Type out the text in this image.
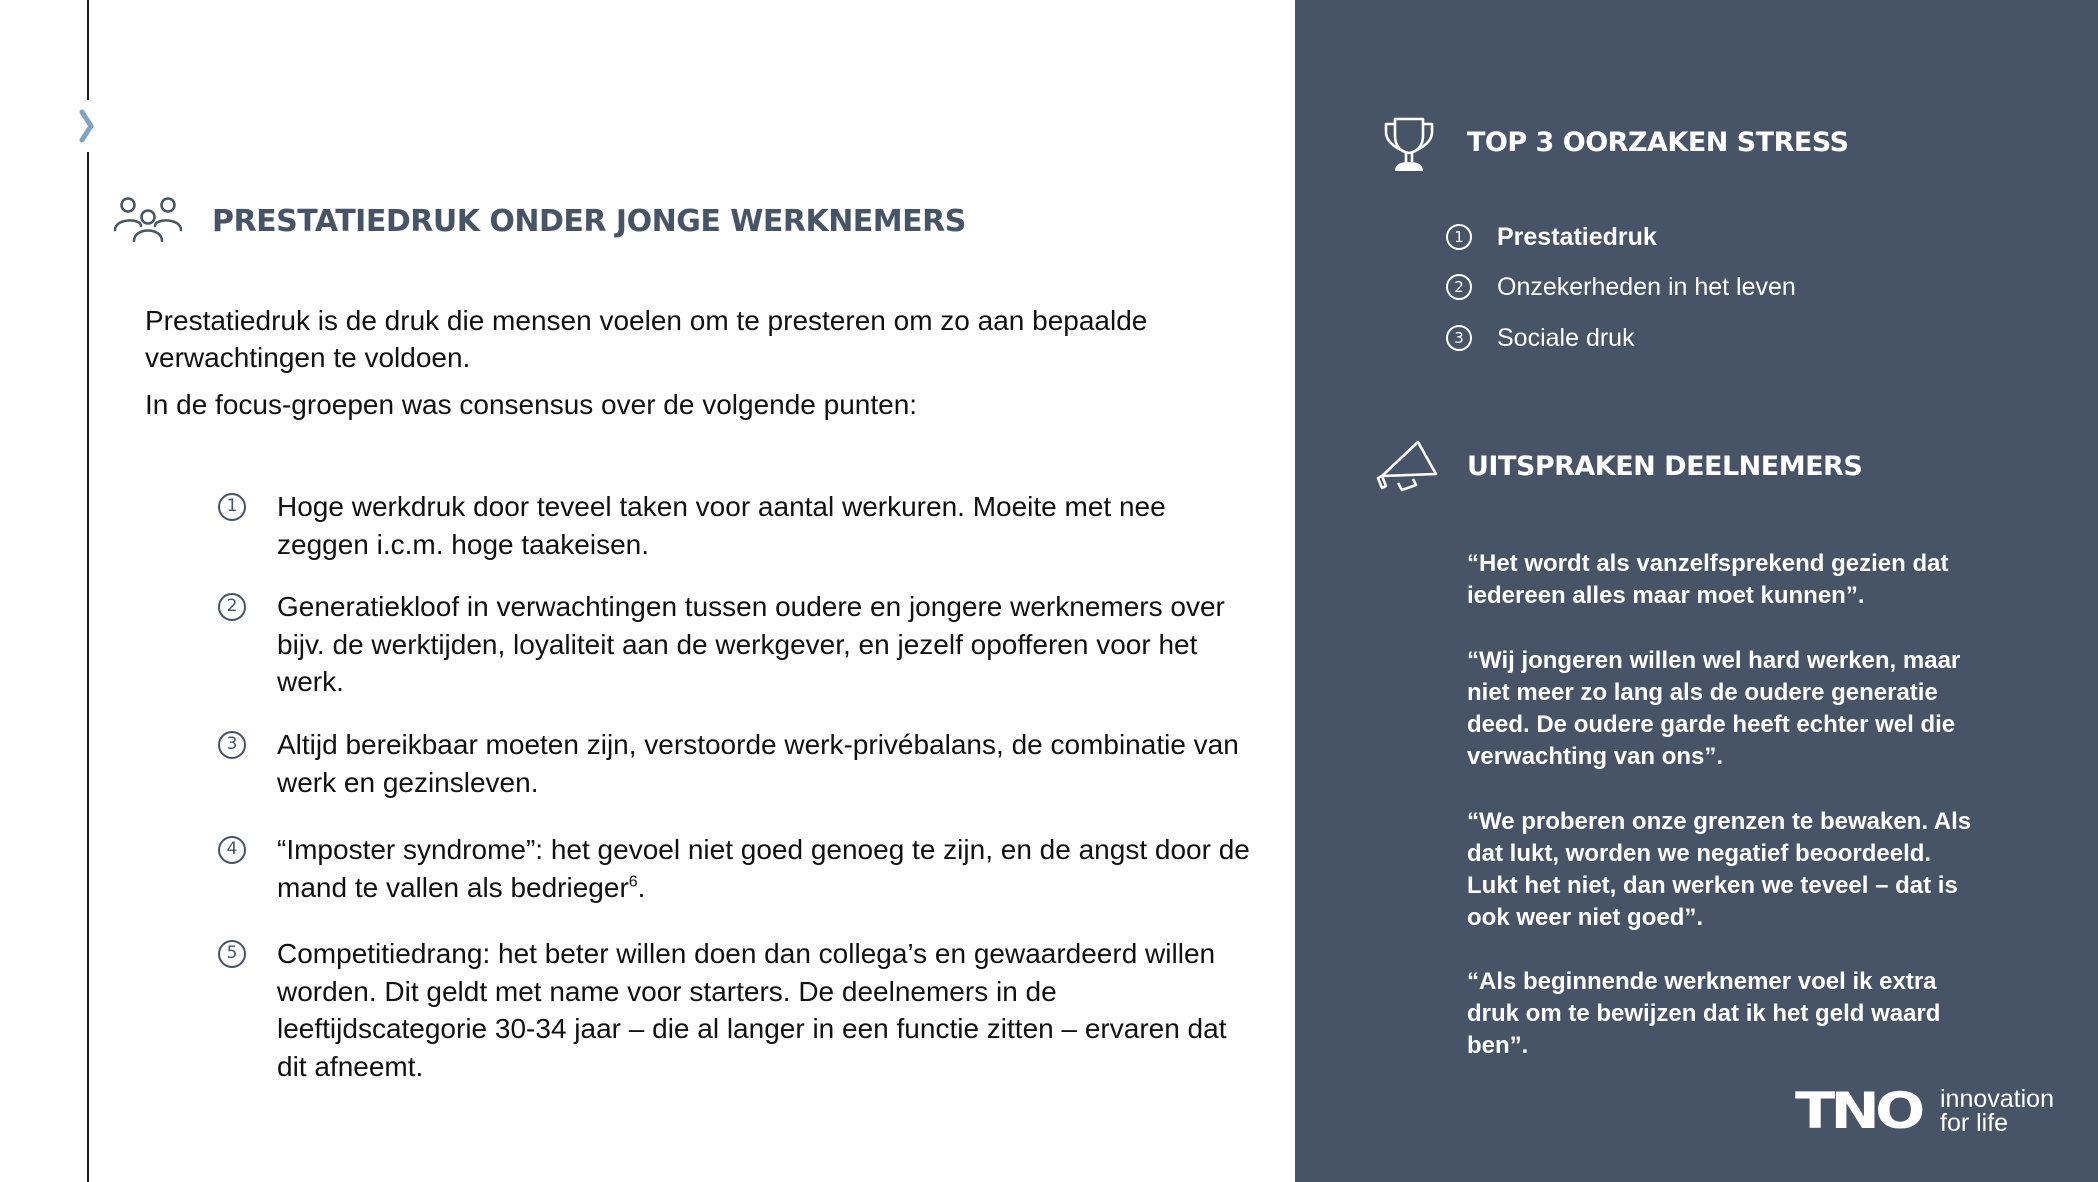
PRESTATIEDRUK ONDER JONGE WERKNEMERS
Prestatiedruk is de druk die mensen voelen om te presteren om zo aan bepaalde verwachtingen te voldoen.
In de focus-groepen was consensus over de volgende punten:
1	Hoge werkdruk door teveel taken voor aantal werkuren. Moeite met nee zeggen i.c.m. hoge taakeisen.
2	Generatiekloof in verwachtingen tussen oudere en jongere werknemers over bijv. de werktijden, loyaliteit aan de werkgever, en jezelf opofferen voor het werk.
3	Altijd bereikbaar moeten zijn, verstoorde werk-privébalans, de combinatie van werk en gezinsleven.
4	“Imposter syndrome”: het gevoel niet goed genoeg te zijn, en de angst door de mand te vallen als bedrieger$^6$.
5	Competitiedrang: het beter willen doen dan collega’s en gewaardeerd willen worden. Dit geldt met name voor starters. De deelnemers in de leeftijdscategorie 30-34 jaar – die al langer in een functie zitten – ervaren dat dit afneemt.
TOP 3 OORZAKEN STRESS
1	Prestatiedruk
2	Onzekerheden in het leven
3	Sociale druk
UITSPRAKEN DEELNEMERS
“Het wordt als vanzelfsprekend gezien dat iedereen alles maar moet kunnen”.
“Wij jongeren willen wel hard werken, maar niet meer zo lang als de oudere generatie deed. De oudere garde heeft echter wel die verwachting van ons”.
“We proberen onze grenzen te bewaken. Als dat lukt, worden we negatief beoordeeld. Lukt het niet, dan werken we teveel – dat is ook weer niet goed”.
“Als beginnende werknemer voel ik extra druk om te bewijzen dat ik het geld waard ben”.
TNO innovation
for life
